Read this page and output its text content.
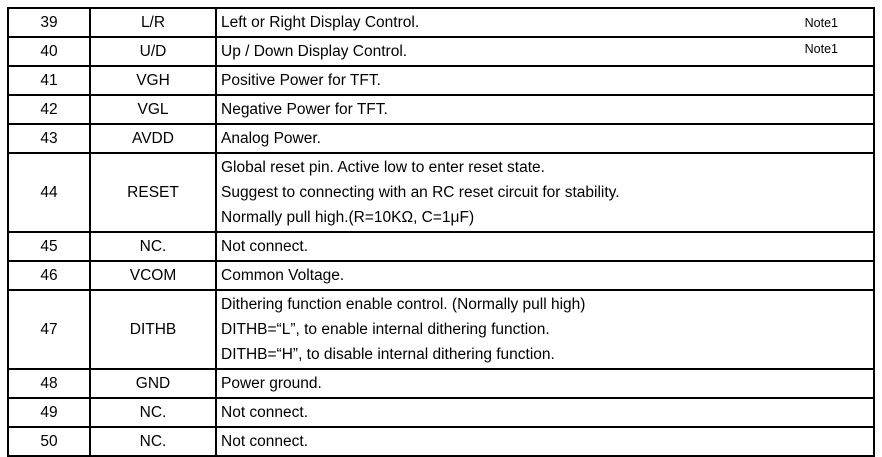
39	L/R	Left or Right Display Control. Note1

40	U/D	Up / Down Display Control. Note1

41	VGH	Positive Power for TFT.

42	VGL	Negative Power for TFT.

43	AVDD	Analog Power.

44	RESET	Global reset pin. Active low to enter reset state.
Suggest to connecting with an RC reset circuit for stability.
Normally pull high.(R=10KΩ, C=1μF)

45	NC.	Not connect.

46	VCOM	Common Voltage.

47	DITHB	Dithering function enable control. (Normally pull high)
DITHB=“L”, to enable internal dithering function.
DITHB=“H”, to disable internal dithering function.

48	GND	Power ground.

49	NC.	Not connect.

50	NC.	Not connect.
